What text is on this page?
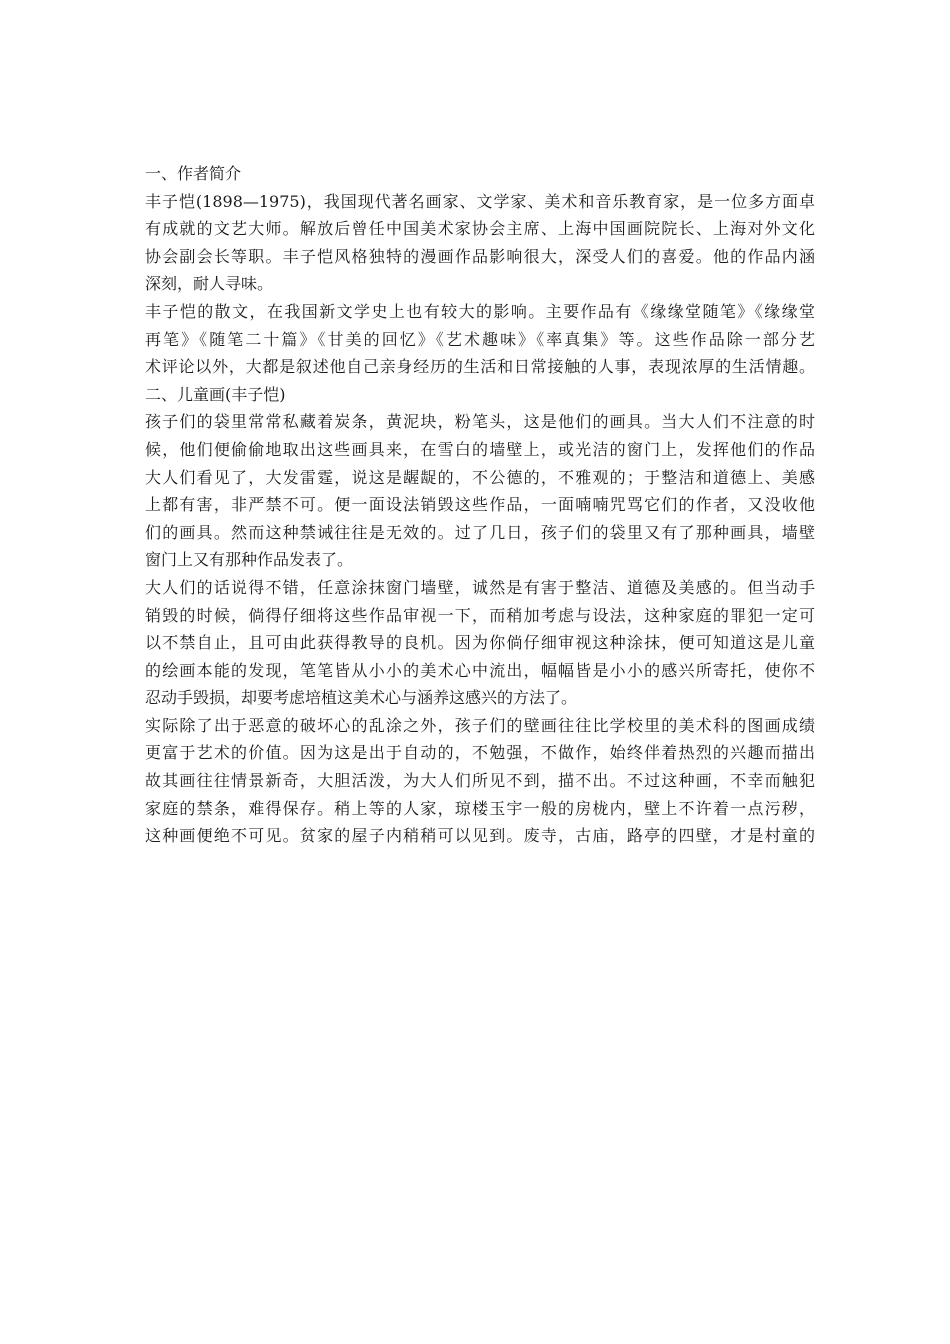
一、作者简介
丰子恺(1898—1975)，我国现代著名画家、文学家、美术和音乐教育家，是一位多方面卓
有成就的文艺大师。解放后曾任中国美术家协会主席、上海中国画院院长、上海对外文化
协会副会长等职。丰子恺风格独特的漫画作品影响很大，深受人们的喜爱。他的作品内涵
深刻，耐人寻味。
丰子恺的散文，在我国新文学史上也有较大的影响。主要作品有《缘缘堂随笔》《缘缘堂
再笔》《随笔二十篇》《甘美的回忆》《艺术趣味》《率真集》等。这些作品除一部分艺
术评论以外，大都是叙述他自己亲身经历的生活和日常接触的人事，表现浓厚的生活情趣。
二、儿童画(丰子恺)
孩子们的袋里常常私藏着炭条，黄泥块，粉笔头，这是他们的画具。当大人们不注意的时
候，他们便偷偷地取出这些画具来，在雪白的墙壁上，或光洁的窗门上，发挥他们的作品
大人们看见了，大发雷霆，说这是龌龊的，不公德的，不雅观的；于整洁和道德上、美感
上都有害，非严禁不可。便一面设法销毁这些作品，一面喃喃咒骂它们的作者，又没收他
们的画具。然而这种禁诫往往是无效的。过了几日，孩子们的袋里又有了那种画具，墙壁
窗门上又有那种作品发表了。
大人们的话说得不错，任意涂抹窗门墙壁，诚然是有害于整洁、道德及美感的。但当动手
销毁的时候，倘得仔细将这些作品审视一下，而稍加考虑与设法，这种家庭的罪犯一定可
以不禁自止，且可由此获得教导的良机。因为你倘仔细审视这种涂抹，便可知道这是儿童
的绘画本能的发现，笔笔皆从小小的美术心中流出，幅幅皆是小小的感兴所寄托，使你不
忍动手毁损，却要考虑培植这美术心与涵养这感兴的方法了。
实际除了出于恶意的破坏心的乱涂之外，孩子们的壁画往往比学校里的美术科的图画成绩
更富于艺术的价值。因为这是出于自动的，不勉强，不做作，始终伴着热烈的兴趣而描出
故其画往往情景新奇，大胆活泼，为大人们所见不到，描不出。不过这种画，不幸而触犯
家庭的禁条，难得保存。稍上等的人家，琼楼玉宇一般的房栊内，壁上不许着一点污秽，
这种画便绝不可见。贫家的屋子内稍稍可以见到。废寺，古庙，路亭的四壁，才是村童的
